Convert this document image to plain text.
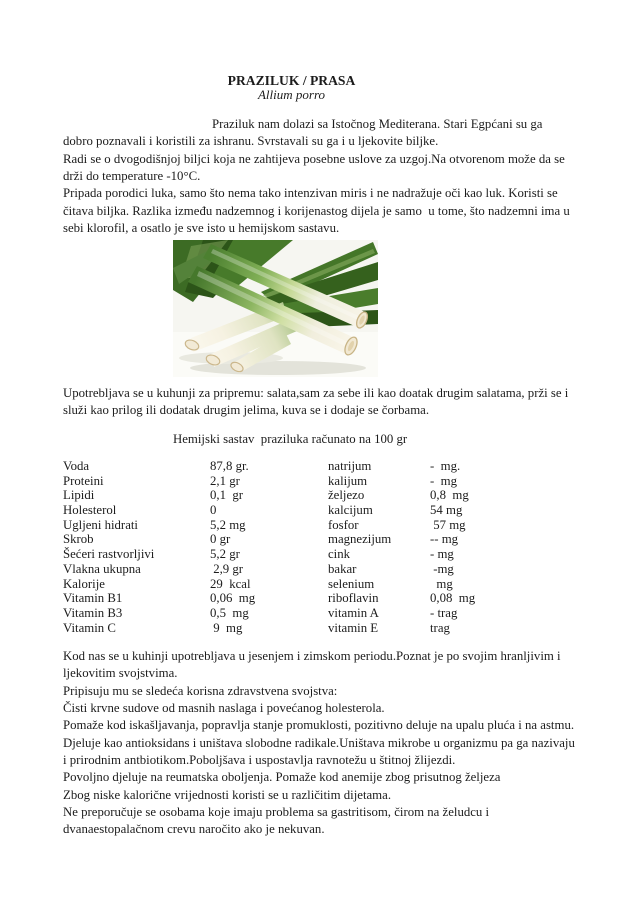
PRAZILUK / PRASA
Allium porro
Praziluk nam dolazi sa Istočnog Mediterana. Stari Egpćani su ga
dobro poznavali i koristili za ishranu. Svrstavali su ga i u ljekovite biljke.
Radi se o dvogodišnjoj biljci koja ne zahtijeva posebne uslove za uzgoj.Na otvorenom može da se
drži do temperature -10°C.
Pripada porodici luka, samo što nema tako intenzivan miris i ne nadražuje oči kao luk. Koristi se
čitava biljka. Razlika između nadzemnog i korijenastog dijela je samo  u tome, što nadzemni ima u
sebi klorofil, a osatlo je sve isto u hemijskom sastavu.
Upotrebljava se u kuhunji za pripremu: salata,sam za sebe ili kao doatak drugim salatama, prži se i
služi kao prilog ili dodatak drugim jelima, kuva se i dodaje se čorbama.
Hemijski sastav  praziluka računato na 100 gr
Voda	87,8 gr.	natrijum	-  mg.
Proteini	2,1 gr	kalijum	-  mg
Lipidi	0,1  gr	željezo	0,8  mg
Holesterol	0	kalcijum	54 mg
Ugljeni hidrati	5,2 mg	fosfor	57 mg
Skrob	0 gr	magnezijum	-- mg
Šećeri rastvorljivi	5,2 gr	cink	- mg
Vlakna ukupna	2,9 gr	bakar	-mg
Kalorije	29  kcal	selenium	mg
Vitamin B1	0,06  mg	riboflavin	0,08  mg
Vitamin B3	0,5  mg	vitamin A	- trag
Vitamin C	9  mg	vitamin E	trag
Kod nas se u kuhinji upotrebljava u jesenjem i zimskom periodu.Poznat je po svojim hranljivim i
ljekovitim svojstvima.
Pripisuju mu se sledeća korisna zdravstvena svojstva:
Čisti krvne sudove od masnih naslaga i povećanog holesterola.
Pomaže kod iskašljavanja, popravlja stanje promuklosti, pozitivno deluje na upalu pluća i na astmu.
Djeluje kao antioksidans i uništava slobodne radikale.Uništava mikrobe u organizmu pa ga nazivaju
i prirodnim antbiotikom.Poboljšava i uspostavlja ravnotežu u štitnoj žlijezdi.
Povoljno djeluje na reumatska oboljenja. Pomaže kod anemije zbog prisutnog željeza
Zbog niske kalorične vrijednosti koristi se u različitim dijetama.
Ne preporučuje se osobama koje imaju problema sa gastritisom, čirom na želudcu i
dvanaestopalačnom crevu naročito ako je nekuvan.
